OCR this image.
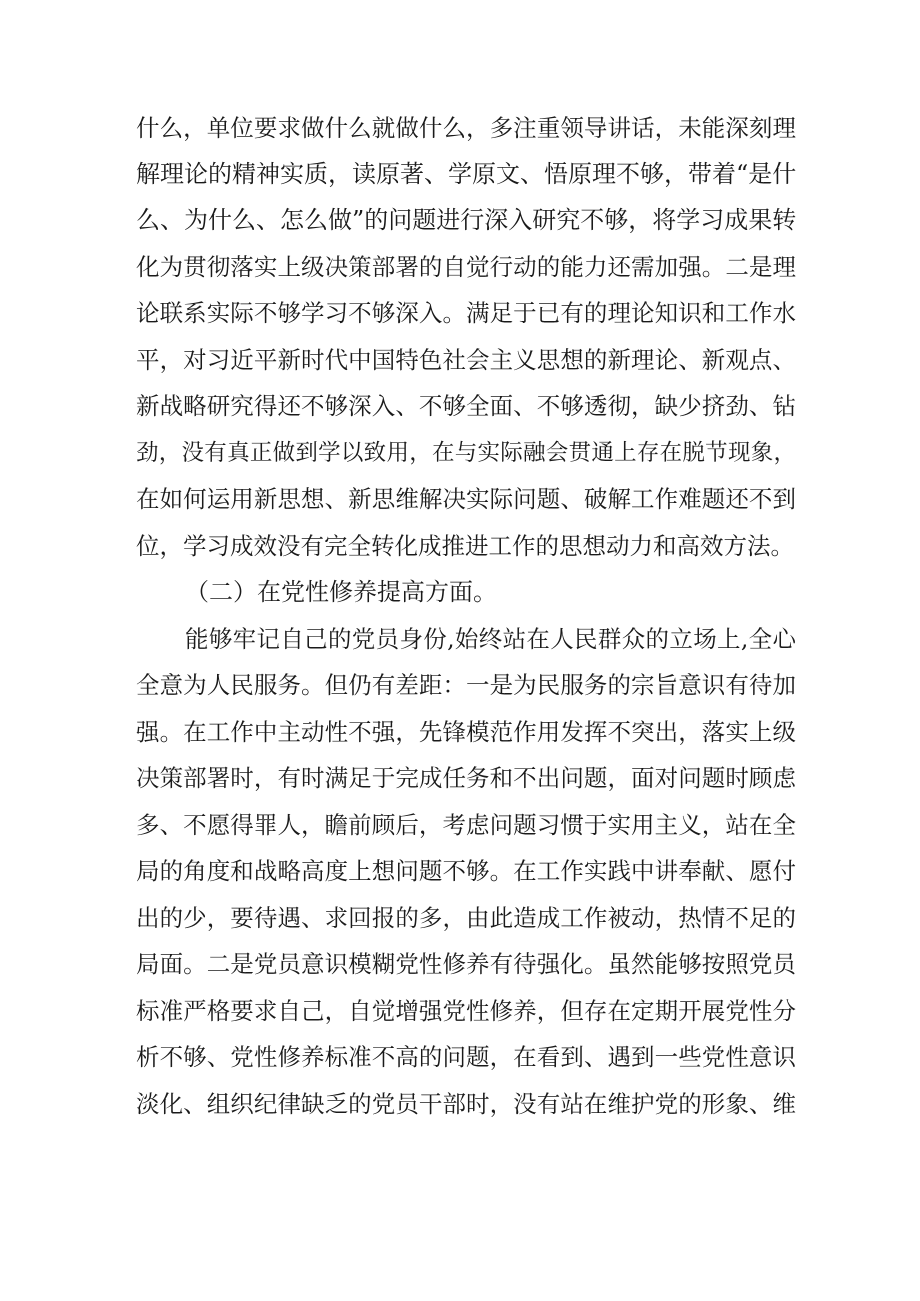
什么，单位要求做什么就做什么，多注重领导讲话，未能深刻理
解理论的精神实质，读原著、学原文、悟原理不够，带着“是什
么、为什么、怎么做”的问题进行深入研究不够，将学习成果转
化为贯彻落实上级决策部署的自觉行动的能力还需加强。二是理
论联系实际不够学习不够深入。满足于已有的理论知识和工作水
平，对习近平新时代中国特色社会主义思想的新理论、新观点、
新战略研究得还不够深入、不够全面、不够透彻，缺少挤劲、钻
劲，没有真正做到学以致用，在与实际融会贯通上存在脱节现象，
在如何运用新思想、新思维解决实际问题、破解工作难题还不到
位，学习成效没有完全转化成推进工作的思想动力和高效方法。
（二）在党性修养提高方面。
能够牢记自己的党员身份,始终站在人民群众的立场上,全心
全意为人民服务。但仍有差距：一是为民服务的宗旨意识有待加
强。在工作中主动性不强，先锋模范作用发挥不突出，落实上级
决策部署时，有时满足于完成任务和不出问题，面对问题时顾虑
多、不愿得罪人，瞻前顾后，考虑问题习惯于实用主义，站在全
局的角度和战略高度上想问题不够。在工作实践中讲奉献、愿付
出的少，要待遇、求回报的多，由此造成工作被动，热情不足的
局面。二是党员意识模糊党性修养有待强化。虽然能够按照党员
标准严格要求自己，自觉增强党性修养，但存在定期开展党性分
析不够、党性修养标准不高的问题，在看到、遇到一些党性意识
淡化、组织纪律缺乏的党员干部时，没有站在维护党的形象、维
